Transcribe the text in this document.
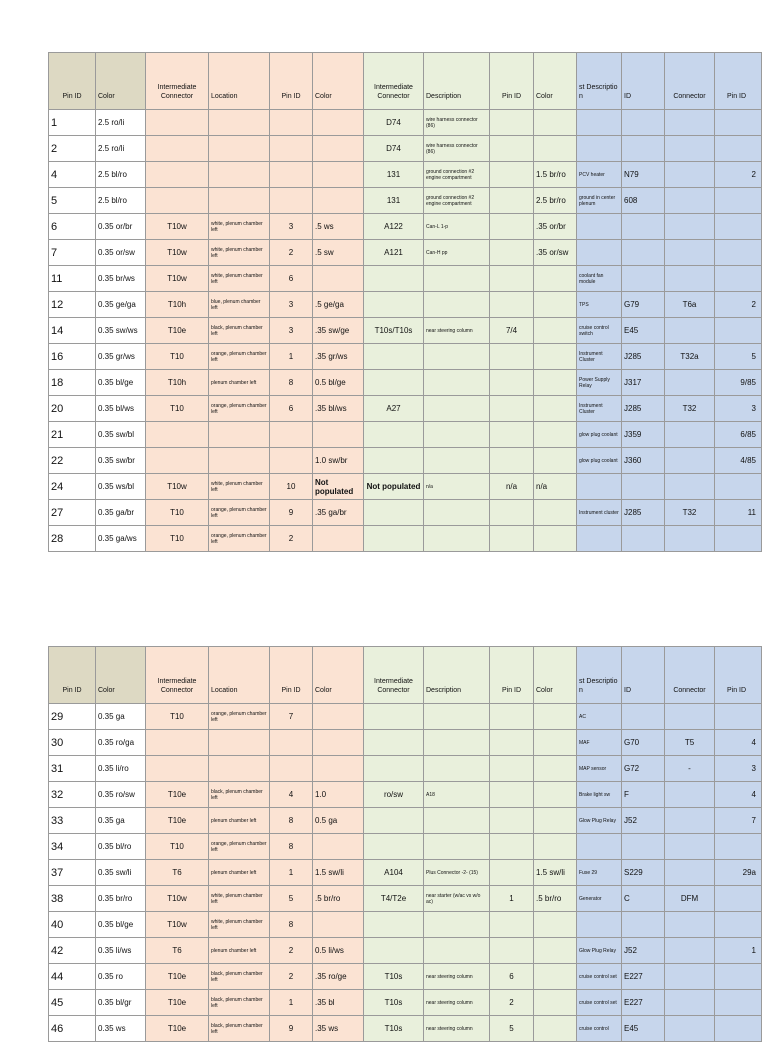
Pin ID	Color	Intermediate Connector	Location	Pin ID	Color	Intermediate Connector	Description	Pin ID	Color	st Descriptio n	ID	Connector	Pin ID
1	2.5 ro/li					D74	wire harness connector (86)						
2	2.5 ro/li					D74	wire harness connector (86)						
4	2.5 bl/ro					131	ground connection #2 engine compartment		1.5 br/ro	PCV heater	N79		2
5	2.5 bl/ro					131	ground connection #2 engine compartment		2.5 br/ro	ground in center plenum	608		
6	0.35 or/br	T10w	white, plenum chamber left	3	.5 ws	A122	Can-L 1-p		.35 or/br				
7	0.35 or/sw	T10w	white, plenum chamber left	2	.5 sw	A121	Can-H pp		.35 or/sw				
11	0.35 br/ws	T10w	white, plenum chamber left	6						coolant fan module			
12	0.35 ge/ga	T10h	blue, plenum chamber left	3	.5 ge/ga					TPS	G79	T6a	2
14	0.35 sw/ws	T10e	black, plenum chamber left	3	.35 sw/ge	T10s/T10s	near steering column	7/4		cruise control switch	E45		
16	0.35 gr/ws	T10	orange, plenum chamber left	1	.35 gr/ws					Instrument Cluster	J285	T32a	5
18	0.35 bl/ge	T10h	plenum chamber left	8	0.5 bl/ge					Power Supply Relay	J317		9/85
20	0.35 bl/ws	T10	orange, plenum chamber left	6	.35 bl/ws	A27				Instrument Cluster	J285	T32	3
21	0.35 sw/bl									glow plug coolant	J359		6/85
22	0.35 sw/br				1.0 sw/br					glow plug coolant	J360		4/85
24	0.35 ws/bl	T10w	white, plenum chamber left	10	Not populated	Not populated	n/a	n/a	n/a				
27	0.35 ga/br	T10	orange, plenum chamber left	9	.35 ga/br					Instrument cluster	J285	T32	11
28	0.35 ga/ws	T10	orange, plenum chamber left	2									
Pin ID	Color	Intermediate Connector	Location	Pin ID	Color	Intermediate Connector	Description	Pin ID	Color	st Descriptio n	ID	Connector	Pin ID
29	0.35 ga	T10	orange, plenum chamber left	7						AC			
30	0.35 ro/ga									MAF	G70	T5	4
31	0.35 li/ro									MAP sensor	G72	-	3
32	0.35 ro/sw	T10e	black, plenum chamber left	4	1.0	ro/sw	A18			Brake light sw	F		4
33	0.35 ga	T10e	plenum chamber left	8	0.5 ga					Glow Plug Relay	J52		7
34	0.35 bl/ro	T10	orange, plenum chamber left	8									
37	0.35 sw/li	T6	plenum chamber left	1	1.5 sw/li	A104	Plus Connector -2- (15)		1.5 sw/li	Fuse 29	S229		29a
38	0.35 br/ro	T10w	white, plenum chamber left	5	.5 br/ro	T4/T2e	near starter (w/ac vs w/o ac)	1	.5 br/ro	Generator	C	DFM	
40	0.35 bl/ge	T10w	white, plenum chamber left	8									
42	0.35 li/ws	T6	plenum chamber left	2	0.5 li/ws					Glow Plug Relay	J52		1
44	0.35 ro	T10e	black, plenum chamber left	2	.35 ro/ge	T10s	near steering column	6		cruise control set	E227		
45	0.35 bl/gr	T10e	black, plenum chamber left	1	.35 bl	T10s	near steering column	2		cruise control set	E227		
46	0.35 ws	T10e	black, plenum chamber left	9	.35 ws	T10s	near steering column	5		cruise control	E45		
